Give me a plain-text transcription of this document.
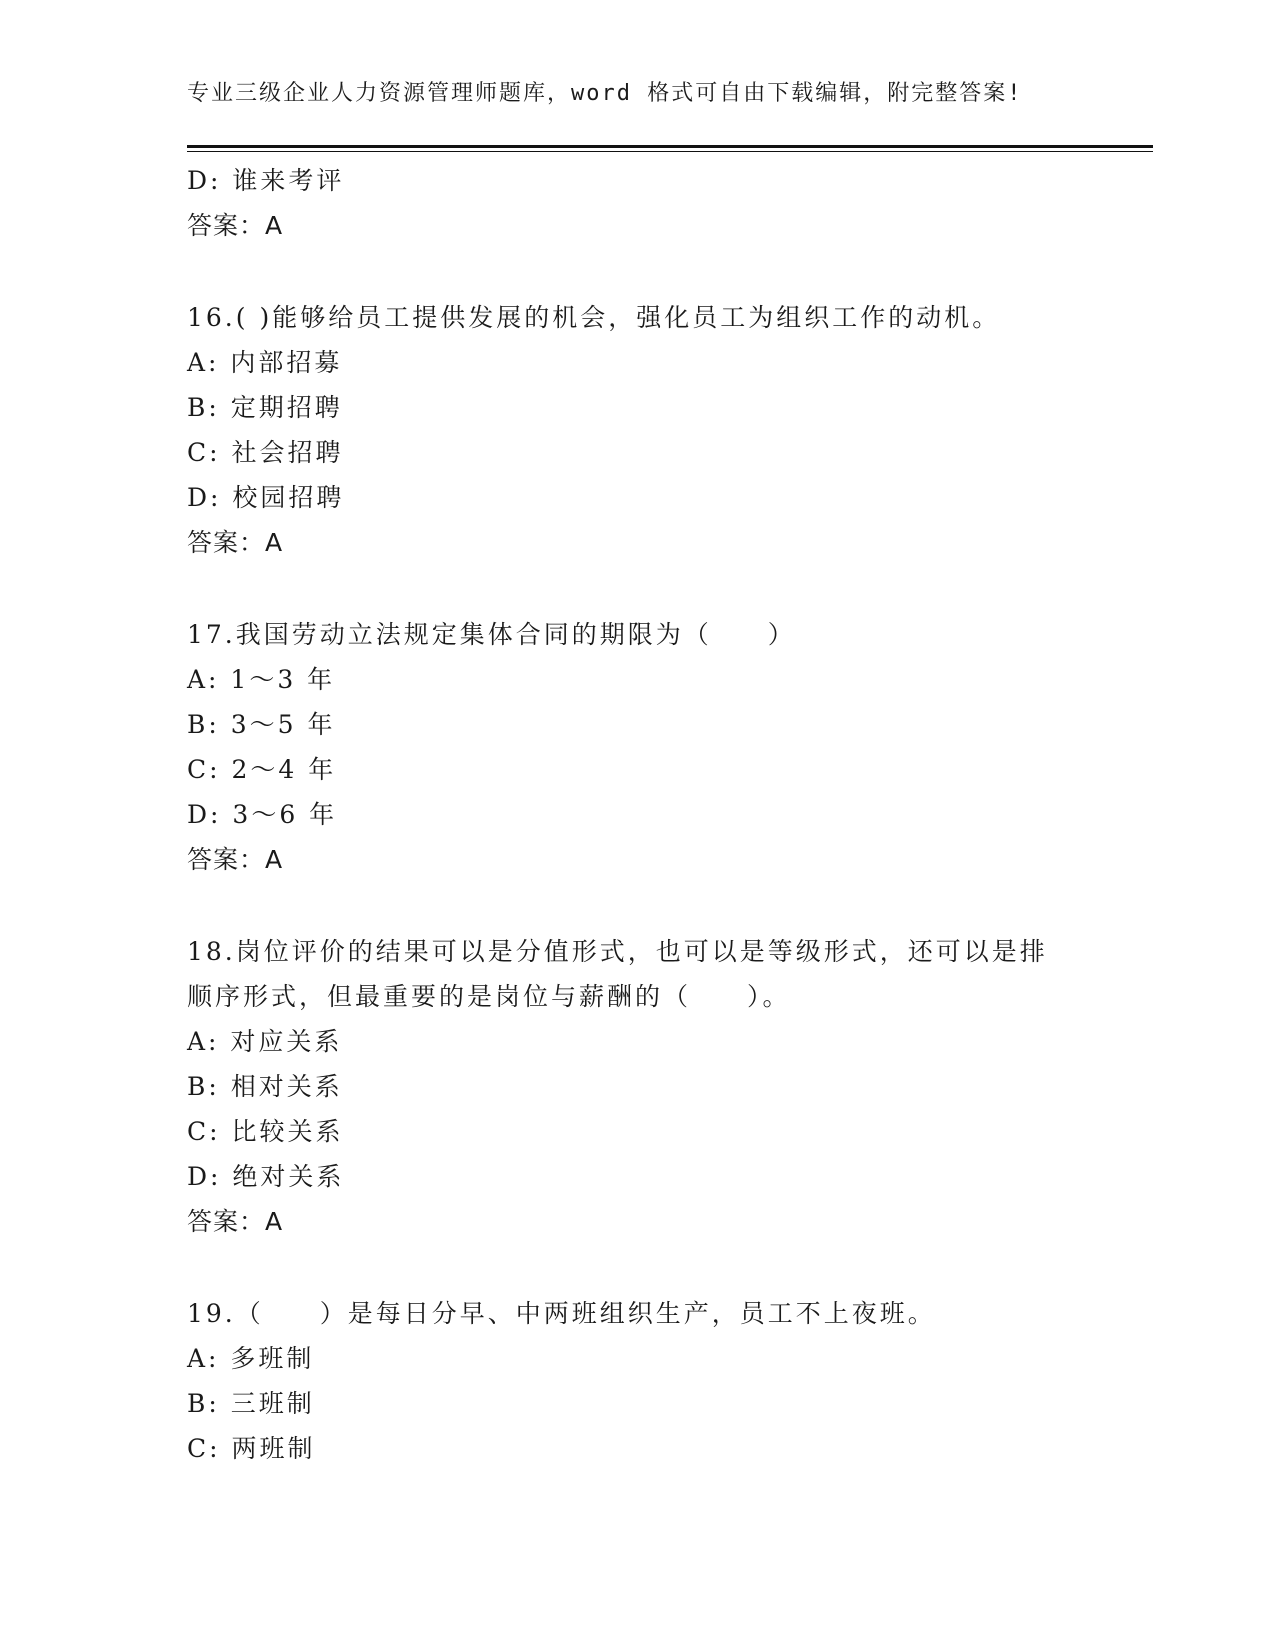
专业三级企业人力资源管理师题库，word 格式可自由下载编辑，附完整答案!
D: 谁来考评
答案：A
16.( )能够给员工提供发展的机会，强化员工为组织工作的动机。
A: 内部招募
B: 定期招聘
C: 社会招聘
D: 校园招聘
答案：A
17.我国劳动立法规定集体合同的期限为（　　）
A: 1～3 年
B: 3～5 年
C: 2～4 年
D: 3～6 年
答案：A
18.岗位评价的结果可以是分值形式，也可以是等级形式，还可以是排
顺序形式，但最重要的是岗位与薪酬的（　　）。
A: 对应关系
B: 相对关系
C: 比较关系
D: 绝对关系
答案：A
19.（　　）是每日分早、中两班组织生产，员工不上夜班。
A: 多班制
B: 三班制
C: 两班制
